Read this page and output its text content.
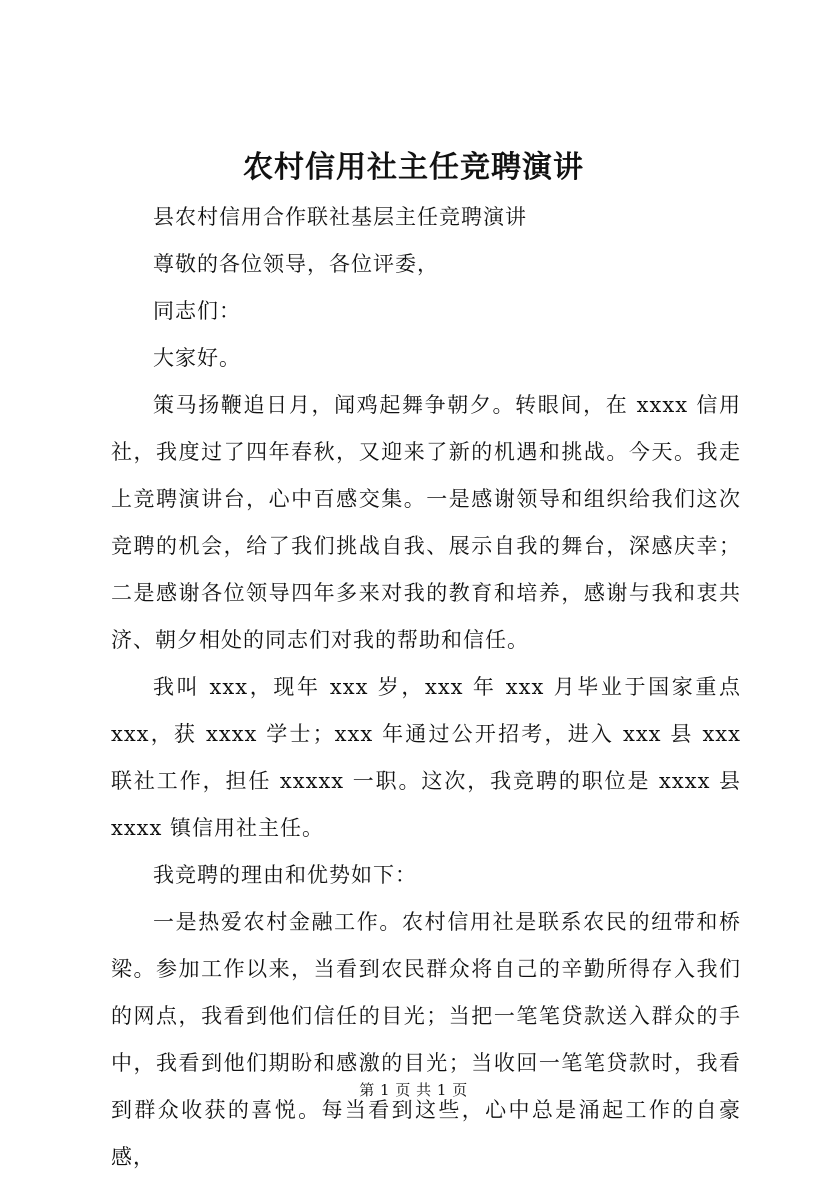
农村信用社主任竞聘演讲

县农村信用合作联社基层主任竞聘演讲

尊敬的各位领导，各位评委，

同志们：

大家好。

策马扬鞭追日月，闻鸡起舞争朝夕。转眼间，在 xxxx 信用社，我度过了四年春秋，又迎来了新的机遇和挑战。今天。我走上竞聘演讲台，心中百感交集。一是感谢领导和组织给我们这次竞聘的机会，给了我们挑战自我、展示自我的舞台，深感庆幸；二是感谢各位领导四年多来对我的教育和培养，感谢与我和衷共济、朝夕相处的同志们对我的帮助和信任。

我叫 xxx，现年 xxx 岁，xxx 年 xxx 月毕业于国家重点 xxx，获 xxxx 学士；xxx 年通过公开招考，进入 xxx 县 xxx 联社工作，担任 xxxxx 一职。这次，我竞聘的职位是 xxxx 县 xxxx 镇信用社主任。

我竞聘的理由和优势如下：

一是热爱农村金融工作。农村信用社是联系农民的纽带和桥梁。参加工作以来，当看到农民群众将自己的辛勤所得存入我们的网点，我看到他们信任的目光；当把一笔笔贷款送入群众的手中，我看到他们期盼和感激的目光；当收回一笔笔贷款时，我看到群众收获的喜悦。每当看到这些，心中总是涌起工作的自豪感，

第 1 页 共 1 页
